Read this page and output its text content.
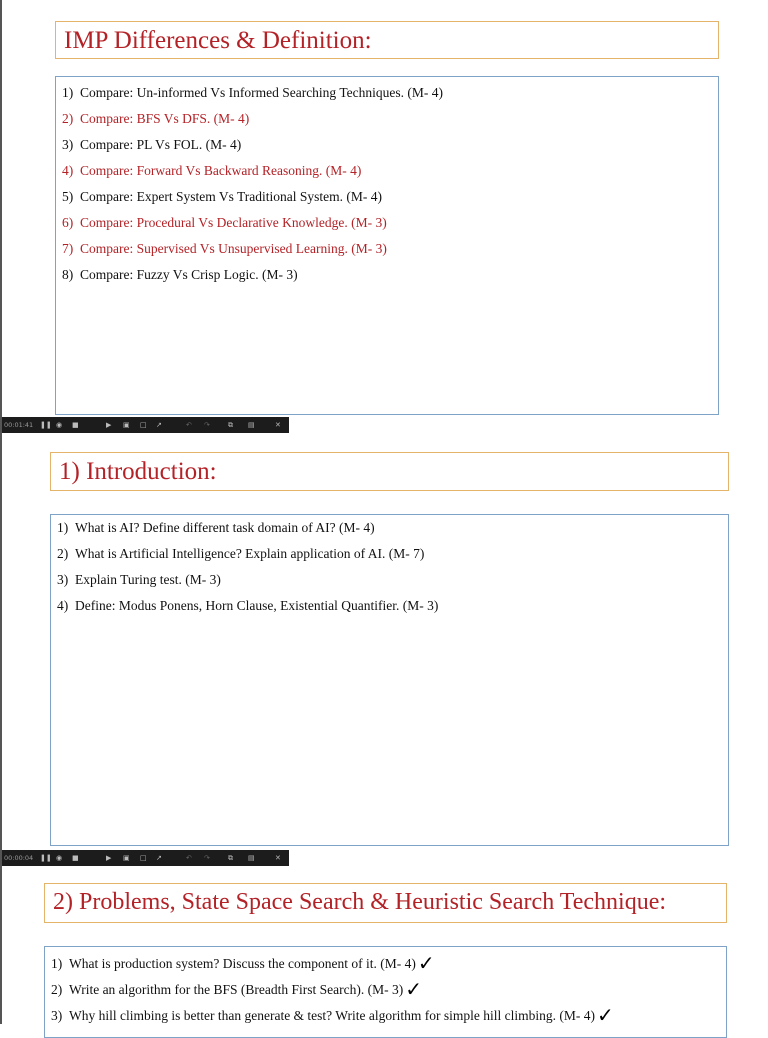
IMP Differences & Definition:
1) Compare: Un-informed Vs Informed Searching Techniques. (M- 4)
2) Compare: BFS Vs DFS. (M- 4)
3) Compare: PL Vs FOL. (M- 4)
4) Compare: Forward Vs Backward Reasoning. (M- 4)
5) Compare: Expert System Vs Traditional System. (M- 4)
6) Compare: Procedural Vs Declarative Knowledge. (M- 3)
7) Compare: Supervised Vs Unsupervised Learning. (M- 3)
8) Compare: Fuzzy Vs Crisp Logic. (M- 3)
00:01:41 ❚❚ ◉ ■	▶ ▣ □ ↗	↶ ↷	⧉ ▤	✕
1) Introduction:
1) What is AI? Define different task domain of AI? (M- 4)
2) What is Artificial Intelligence? Explain application of AI. (M- 7)
3) Explain Turing test. (M- 3)
4) Define: Modus Ponens, Horn Clause, Existential Quantifier. (M- 3)
00:00:04 ❚❚ ◉ ■	▶ ▣ □ ↗	↶ ↷	⧉ ▤	✕
2) Problems, State Space Search & Heuristic Search Technique:
1) What is production system? Discuss the component of it. (M- 4) ✓
2) Write an algorithm for the BFS (Breadth First Search). (M- 3) ✓
3) Why hill climbing is better than generate & test? Write algorithm for simple hill climbing. (M- 4) ✓
